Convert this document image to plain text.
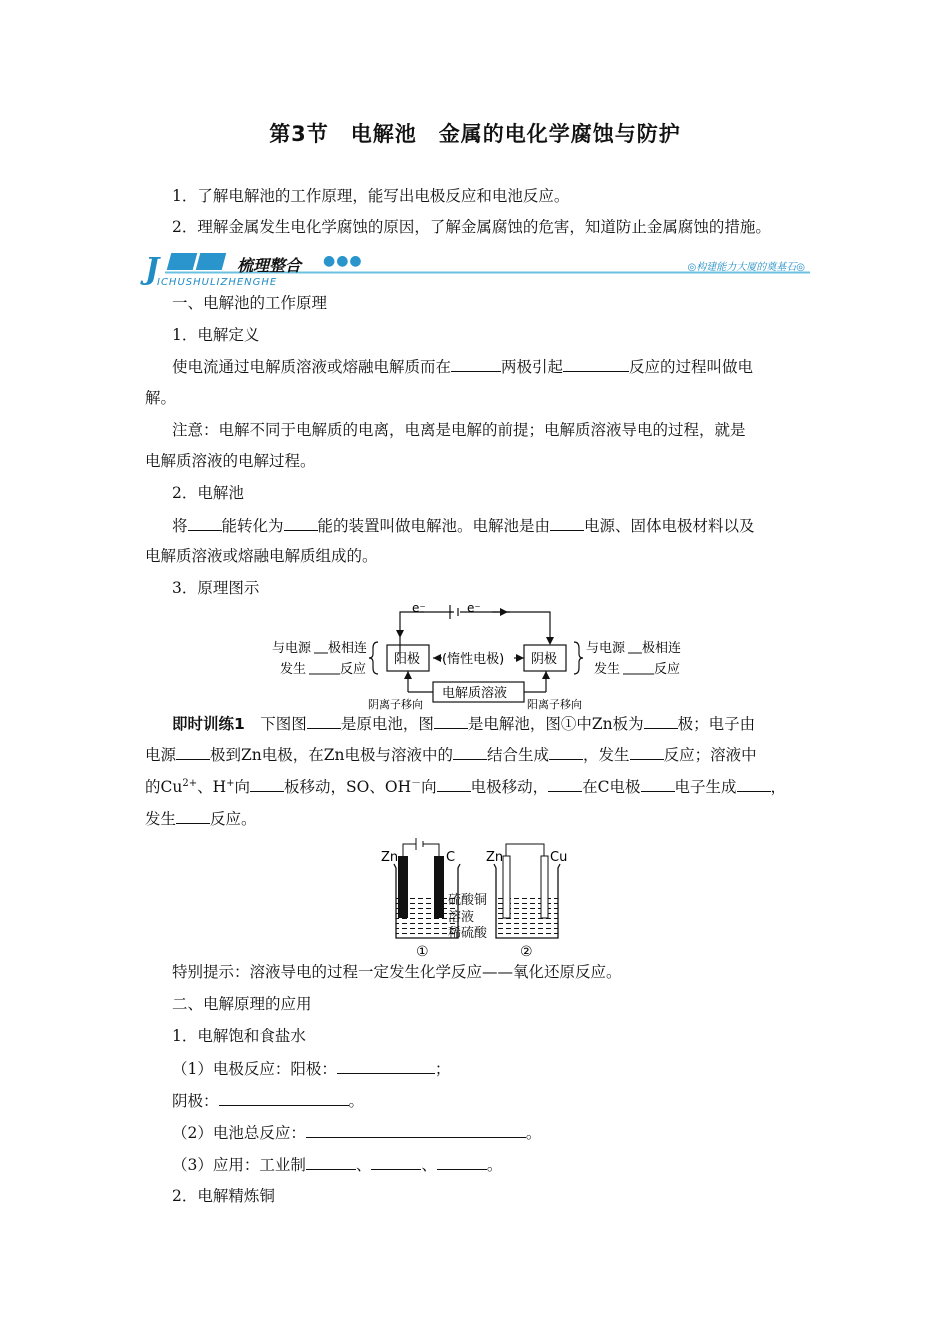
第3节　电解池　金属的电化学腐蚀与防护
1．了解电解池的工作原理，能写出电极反应和电池反应。
2．理解金属发生电化学腐蚀的原因，了解金属腐蚀的危害，知道防止金属腐蚀的措施。
J	梳理整合 ●●●
ICHUSHULIZHENGHE
◎构建能力大厦的奠基石◎
一、电解池的工作原理
1．电解定义
使电流通过电解质溶液或熔融电解质而在	两极引起	反应的过程叫做电
解。
注意：电解不同于电解质的电离，电离是电解的前提；电解质溶液导电的过程，就是
电解质溶液的电解过程。
2．电解池
将 能转化为 能的装置叫做电解池。电解池是由 电源、固体电极材料以及
电解质溶液或熔融电解质组成的。
3．原理图示
e⁻	e⁻
阳极 (惰性电极) 阴极
电解质溶液
阴离子移向	阳离子移向
与电源 极相连
发生	反应
与电源 极相连
发生	反应
即时训练1　下图图 是原电池，图 是电解池，图①中Zn板为 极；电子由
电源 极到Zn电极，在Zn电极与溶液中的 结合生成 ，发生 反应；溶液中
的$Cu^{2+}$、H+向 板移动，SO、OH－向 电极移动， 在C电极 电子生成 ，
发生 反应。
Zn	C Zn	Cu
硫酸铜
溶液
稀硫酸
①	②
特别提示：溶液导电的过程一定发生化学反应——氧化还原反应。
二、电解原理的应用
1．电解饱和食盐水
（1）电极反应：阳极：	；
阴极：	。
（2）电池总反应：	。
（3）应用：工业制	、	、	。
2．电解精炼铜
